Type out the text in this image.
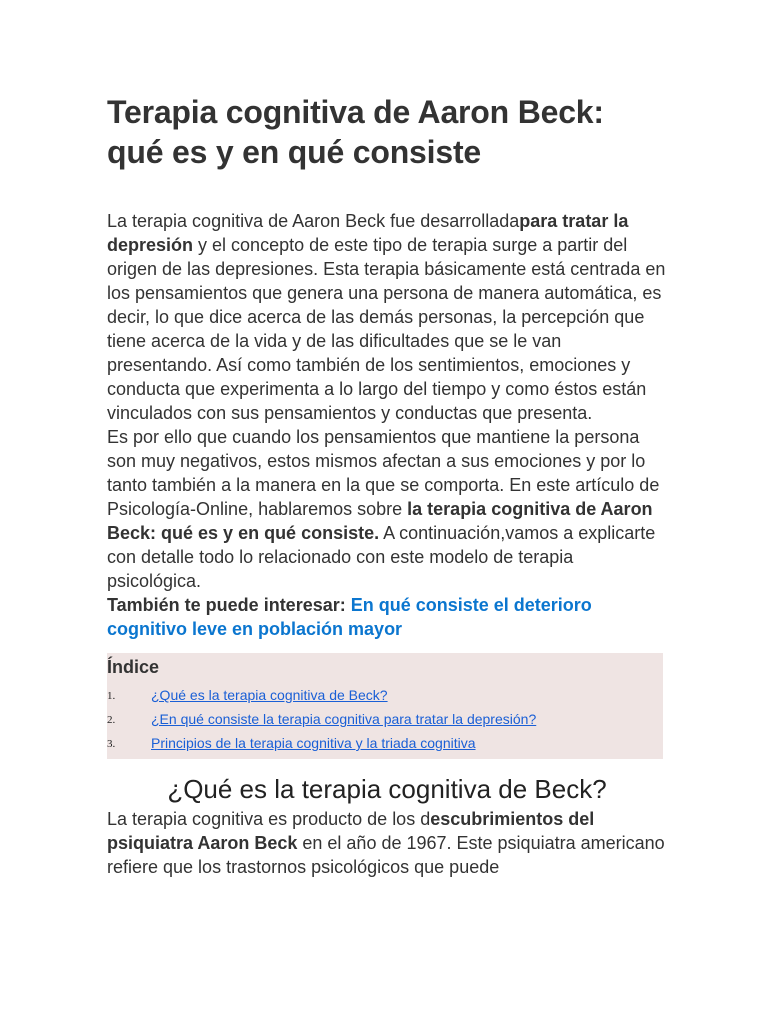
Terapia cognitiva de Aaron Beck:
qué es y en qué consiste

La terapia cognitiva de Aaron Beck fue desarrolladapara tratar la depresión y el concepto de este tipo de terapia surge a partir del origen de las depresiones. Esta terapia básicamente está centrada en los pensamientos que genera una persona de manera automática, es decir, lo que dice acerca de las demás personas, la percepción que tiene acerca de la vida y de las dificultades que se le van presentando. Así como también de los sentimientos, emociones y conducta que experimenta a lo largo del tiempo y como éstos están vinculados con sus pensamientos y conductas que presenta.

Es por ello que cuando los pensamientos que mantiene la persona son muy negativos, estos mismos afectan a sus emociones y por lo tanto también a la manera en la que se comporta. En este artículo de Psicología-Online, hablaremos sobre la terapia cognitiva de Aaron Beck: qué es y en qué consiste. A continuación,vamos a explicarte con detalle todo lo relacionado con este modelo de terapia psicológica.

También te puede interesar: En qué consiste el deterioro cognitivo leve en población mayor

Índice
1.	¿Qué es la terapia cognitiva de Beck?
2.	¿En qué consiste la terapia cognitiva para tratar la depresión?
3.	Principios de la terapia cognitiva y la triada cognitiva
¿Qué es la terapia cognitiva de Beck?

La terapia cognitiva es producto de los descubrimientos del psiquiatra Aaron Beck en el año de 1967. Este psiquiatra americano refiere que los trastornos psicológicos que puede
